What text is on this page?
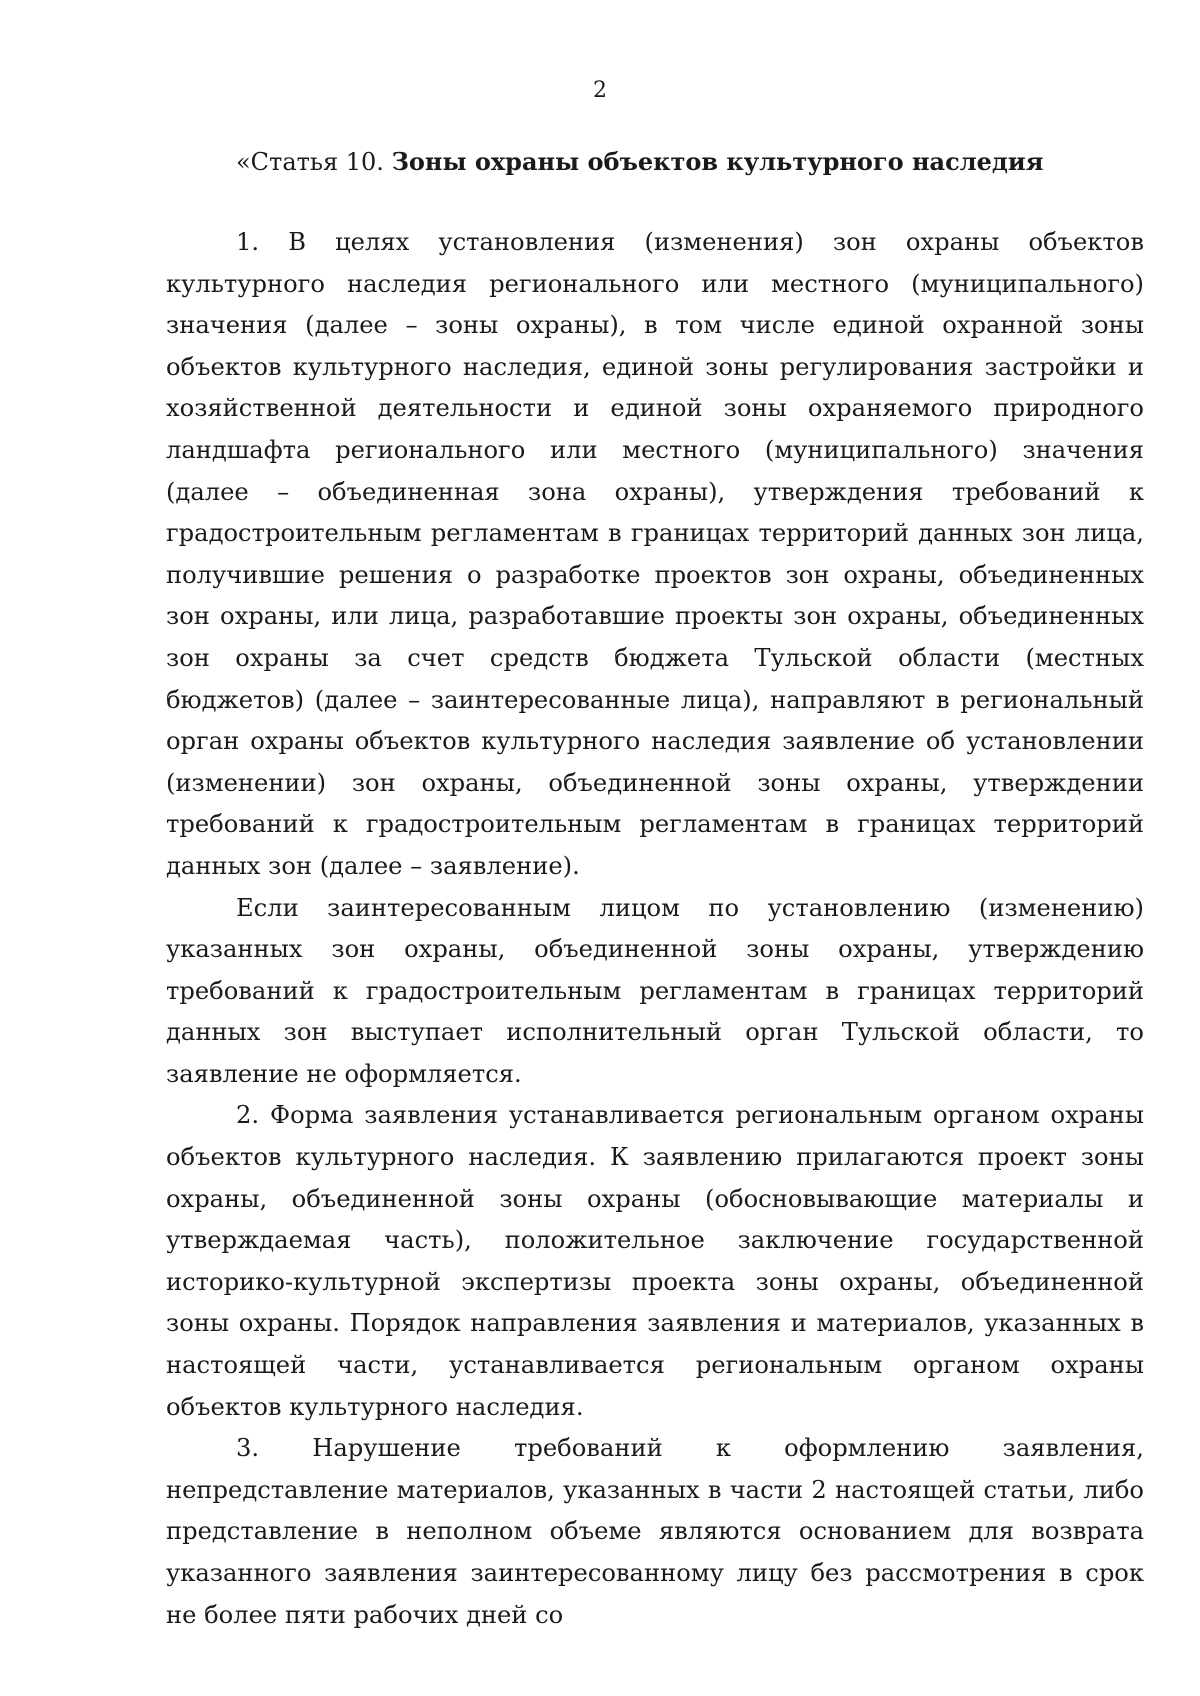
2
«Статья 10. Зоны охраны объектов культурного наследия

1. В целях установления (изменения) зон охраны объектов культурного наследия регионального или местного (муниципального) значения (далее – зоны охраны), в том числе единой охранной зоны объектов культурного наследия, единой зоны регулирования застройки и хозяйственной деятельности и единой зоны охраняемого природного ландшафта регионального или местного (муниципального) значения (далее – объединенная зона охраны), утверждения требований к градостроительным регламентам в границах территорий данных зон лица, получившие решения о разработке проектов зон охраны, объединенных зон охраны, или лица, разработавшие проекты зон охраны, объединенных зон охраны за счет средств бюджета Тульской области (местных бюджетов) (далее – заинтересованные лица), направляют в региональный орган охраны объектов культурного наследия заявление об установлении (изменении) зон охраны, объединенной зоны охраны, утверждении требований к градостроительным регламентам в границах территорий данных зон (далее – заявление).

Если заинтересованным лицом по установлению (изменению) указанных зон охраны, объединенной зоны охраны, утверждению требований к градостроительным регламентам в границах территорий данных зон выступает исполнительный орган Тульской области, то заявление не оформляется.

2. Форма заявления устанавливается региональным органом охраны объектов культурного наследия. К заявлению прилагаются проект зоны охраны, объединенной зоны охраны (обосновывающие материалы и утверждаемая часть), положительное заключение государственной историко-культурной экспертизы проекта зоны охраны, объединенной зоны охраны. Порядок направления заявления и материалов, указанных в настоящей части, устанавливается региональным органом охраны объектов культурного наследия.

3. Нарушение требований к оформлению заявления, непредставление материалов, указанных в части 2 настоящей статьи, либо представление в неполном объеме являются основанием для возврата указанного заявления заинтересованному лицу без рассмотрения в срок не более пяти рабочих дней со
